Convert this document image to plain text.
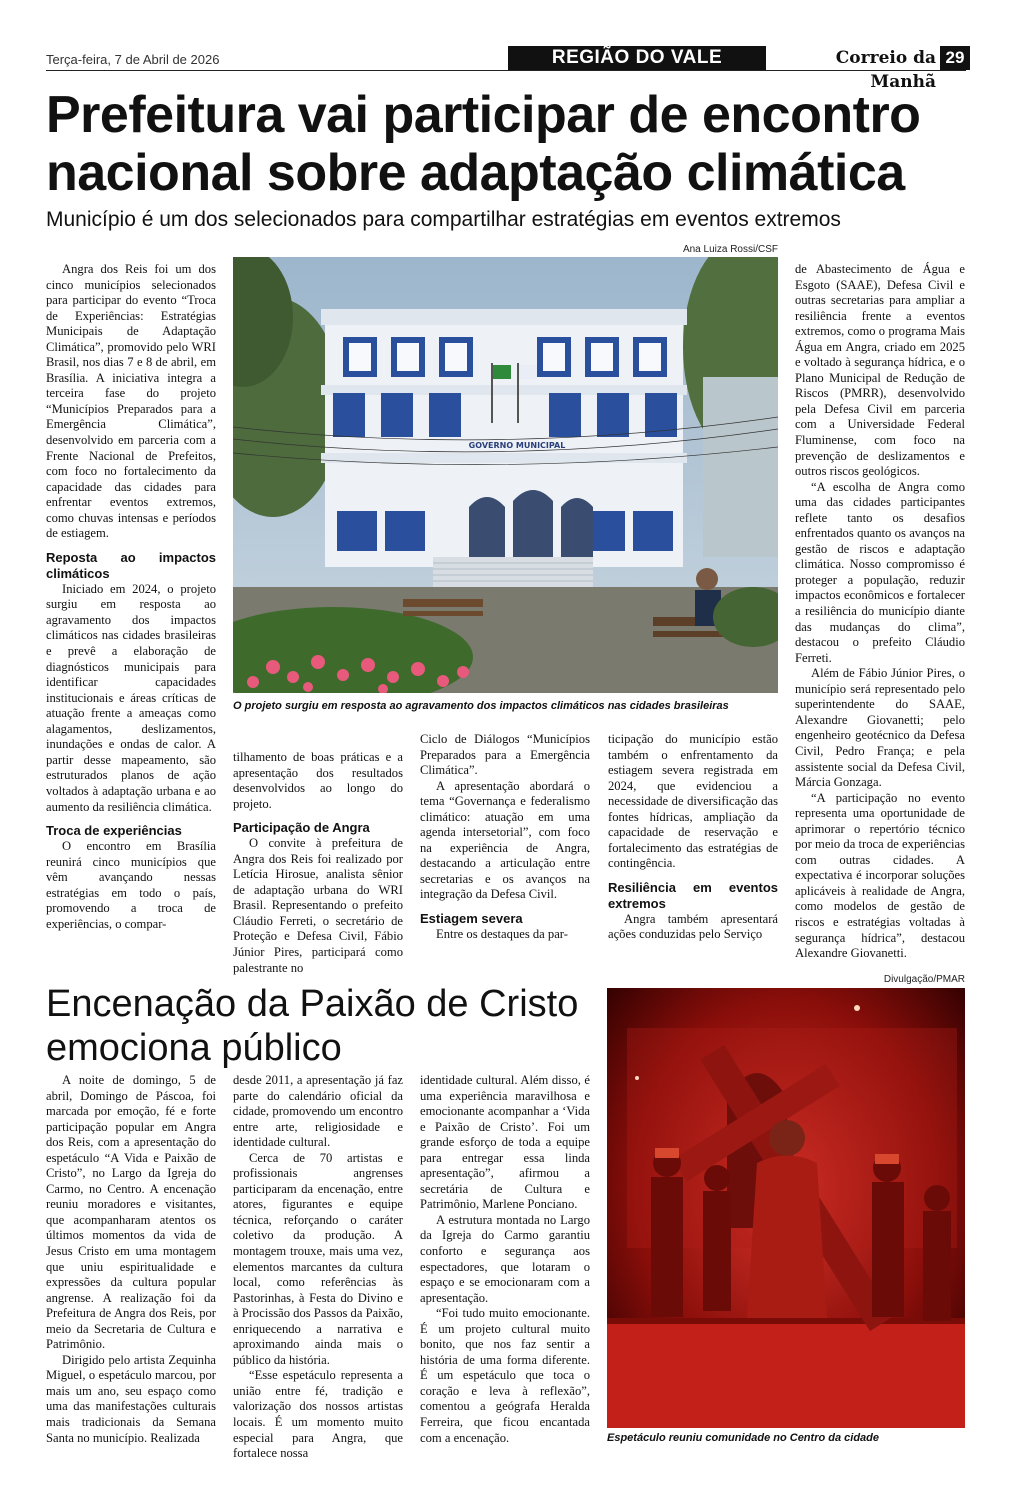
Terça-feira, 7 de Abril de 2026	REGIÃO DO VALE	Correio da Manhã
29
Prefeitura vai participar de encontro nacional sobre adaptação climática
Município é um dos selecionados para compartilhar estratégias em eventos extremos
Ana Luiza Rossi/CSF
GOVERNO MUNICIPAL
O projeto surgiu em resposta ao agravamento dos impactos climáticos nas cidades brasileiras

Angra dos Reis foi um dos cinco municípios selecionados para participar do evento “Troca de Experiências: Estratégias Municipais de Adaptação Climática”, promovido pelo WRI Brasil, nos dias 7 e 8 de abril, em Brasília. A iniciativa integra a terceira fase do projeto “Municípios Preparados para a Emergência Climática”, desenvolvido em parceria com a Frente Nacional de Prefeitos, com foco no fortalecimento da capacidade das cidades para enfrentar eventos extremos, como chuvas intensas e períodos de estiagem.

Reposta ao impactos climáticos

Iniciado em 2024, o projeto surgiu em resposta ao agravamento dos impactos climáticos nas cidades brasileiras e prevê a elaboração de diagnósticos municipais para identificar capacidades institucionais e áreas críticas de atuação frente a ameaças como alagamentos, deslizamentos, inundações e ondas de calor. A partir desse mapeamento, são estruturados planos de ação voltados à adaptação urbana e ao aumento da resiliência climática.

Troca de experiências

O encontro em Brasília reunirá cinco municípios que vêm avançando nessas estratégias em todo o país, promovendo a troca de experiências, o compar-

tilhamento de boas práticas e a apresentação dos resultados desenvolvidos ao longo do projeto.

Participação de Angra

O convite à prefeitura de Angra dos Reis foi realizado por Letícia Hirosue, analista sênior de adaptação urbana do WRI Brasil. Representando o prefeito Cláudio Ferreti, o secretário de Proteção e Defesa Civil, Fábio Júnior Pires, participará como palestrante no

Ciclo de Diálogos “Municípios Preparados para a Emergência Climática”.

A apresentação abordará o tema “Governança e federalismo climático: atuação em uma agenda intersetorial”, com foco na experiência de Angra, destacando a articulação entre secretarias e os avanços na integração da Defesa Civil.

Estiagem severa

Entre os destaques da par-

ticipação do município estão também o enfrentamento da estiagem severa registrada em 2024, que evidenciou a necessidade de diversificação das fontes hídricas, ampliação da capacidade de reservação e fortalecimento das estratégias de contingência.

Resiliência em eventos extremos

Angra também apresentará ações conduzidas pelo Serviço

de Abastecimento de Água e Esgoto (SAAE), Defesa Civil e outras secretarias para ampliar a resiliência frente a eventos extremos, como o programa Mais Água em Angra, criado em 2025 e voltado à segurança hídrica, e o Plano Municipal de Redução de Riscos (PMRR), desenvolvido pela Defesa Civil em parceria com a Universidade Federal Fluminense, com foco na prevenção de deslizamentos e outros riscos geológicos.

“A escolha de Angra como uma das cidades participantes reflete tanto os desafios enfrentados quanto os avanços na gestão de riscos e adaptação climática. Nosso compromisso é proteger a população, reduzir impactos econômicos e fortalecer a resiliência do município diante das mudanças do clima”, destacou o prefeito Cláudio Ferreti.

Além de Fábio Júnior Pires, o município será representado pelo superintendente do SAAE, Alexandre Giovanetti; pelo engenheiro geotécnico da Defesa Civil, Pedro França; e pela assistente social da Defesa Civil, Márcia Gonzaga.

“A participação no evento representa uma oportunidade de aprimorar o repertório técnico por meio da troca de experiências com outras cidades. A expectativa é incorporar soluções aplicáveis à realidade de Angra, como modelos de gestão de riscos e estratégias voltadas à segurança hídrica”, destacou Alexandre Giovanetti.

Encenação da Paixão de Cristo emociona público
Divulgação/PMAR
Espetáculo reuniu comunidade no Centro da cidade

A noite de domingo, 5 de abril, Domingo de Páscoa, foi marcada por emoção, fé e forte participação popular em Angra dos Reis, com a apresentação do espetáculo “A Vida e Paixão de Cristo”, no Largo da Igreja do Carmo, no Centro. A encenação reuniu moradores e visitantes, que acompanharam atentos os últimos momentos da vida de Jesus Cristo em uma montagem que uniu espiritualidade e expressões da cultura popular angrense. A realização foi da Prefeitura de Angra dos Reis, por meio da Secretaria de Cultura e Patrimônio.

Dirigido pelo artista Zequinha Miguel, o espetáculo marcou, por mais um ano, seu espaço como uma das manifestações culturais mais tradicionais da Semana Santa no município. Realizada

desde 2011, a apresentação já faz parte do calendário oficial da cidade, promovendo um encontro entre arte, religiosidade e identidade cultural.

Cerca de 70 artistas e profissionais angrenses participaram da encenação, entre atores, figurantes e equipe técnica, reforçando o caráter coletivo da produção. A montagem trouxe, mais uma vez, elementos marcantes da cultura local, como referências às Pastorinhas, à Festa do Divino e à Procissão dos Passos da Paixão, enriquecendo a narrativa e aproximando ainda mais o público da história.

“Esse espetáculo representa a união entre fé, tradição e valorização dos nossos artistas locais. É um momento muito especial para Angra, que fortalece nossa

identidade cultural. Além disso, é uma experiência maravilhosa e emocionante acompanhar a ‘Vida e Paixão de Cristo’. Foi um grande esforço de toda a equipe para entregar essa linda apresentação”, afirmou a secretária de Cultura e Patrimônio, Marlene Ponciano.

A estrutura montada no Largo da Igreja do Carmo garantiu conforto e segurança aos espectadores, que lotaram o espaço e se emocionaram com a apresentação.

“Foi tudo muito emocionante. É um projeto cultural muito bonito, que nos faz sentir a história de uma forma diferente. É um espetáculo que toca o coração e leva à reflexão”, comentou a geógrafa Heralda Ferreira, que ficou encantada com a encenação.
